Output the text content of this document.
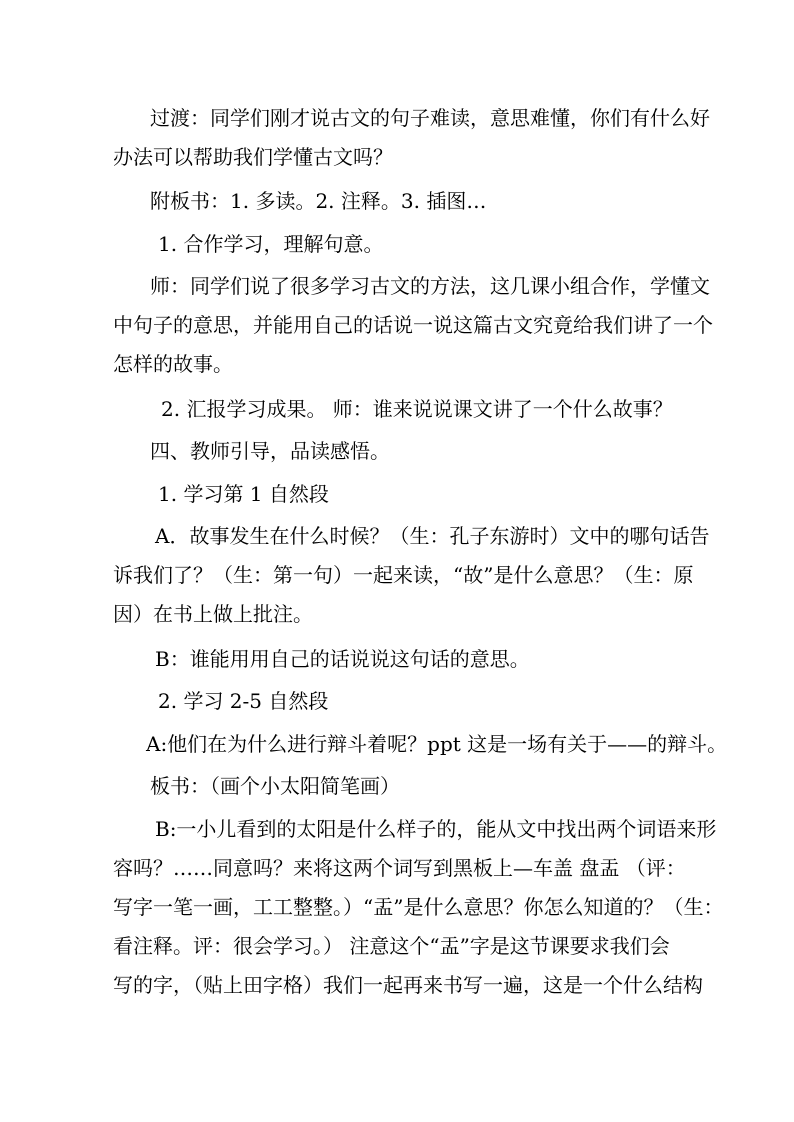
过渡：同学们刚才说古文的句子难读，意思难懂，你们有什么好
办法可以帮助我们学懂古文吗？
附板书：1. 多读。2. 注释。3. 插图…
1. 合作学习，理解句意。
师：同学们说了很多学习古文的方法，这几课小组合作，学懂文
中句子的意思，并能用自己的话说一说这篇古文究竟给我们讲了一个
怎样的故事。
2. 汇报学习成果。 师：谁来说说课文讲了一个什么故事？
四、教师引导，品读感悟。
1. 学习第 1 自然段
A．故事发生在什么时候？（生：孔子东游时）文中的哪句话告
诉我们了？（生：第一句）一起来读，“故”是什么意思？（生：原
因）在书上做上批注。
B：谁能用用自己的话说说这句话的意思。
2. 学习 2-5 自然段
A:他们在为什么进行辩斗着呢？ppt 这是一场有关于——的辩斗。
板书：（画个小太阳简笔画）
B:一小儿看到的太阳是什么样子的，能从文中找出两个词语来形
容吗？……同意吗？来将这两个词写到黑板上—车盖 盘盂 （评：
写字一笔一画，工工整整。）“盂”是什么意思？你怎么知道的？（生：
看注释。评：很会学习。） 注意这个“盂”字是这节课要求我们会
写的字，（贴上田字格）我们一起再来书写一遍，这是一个什么结构
